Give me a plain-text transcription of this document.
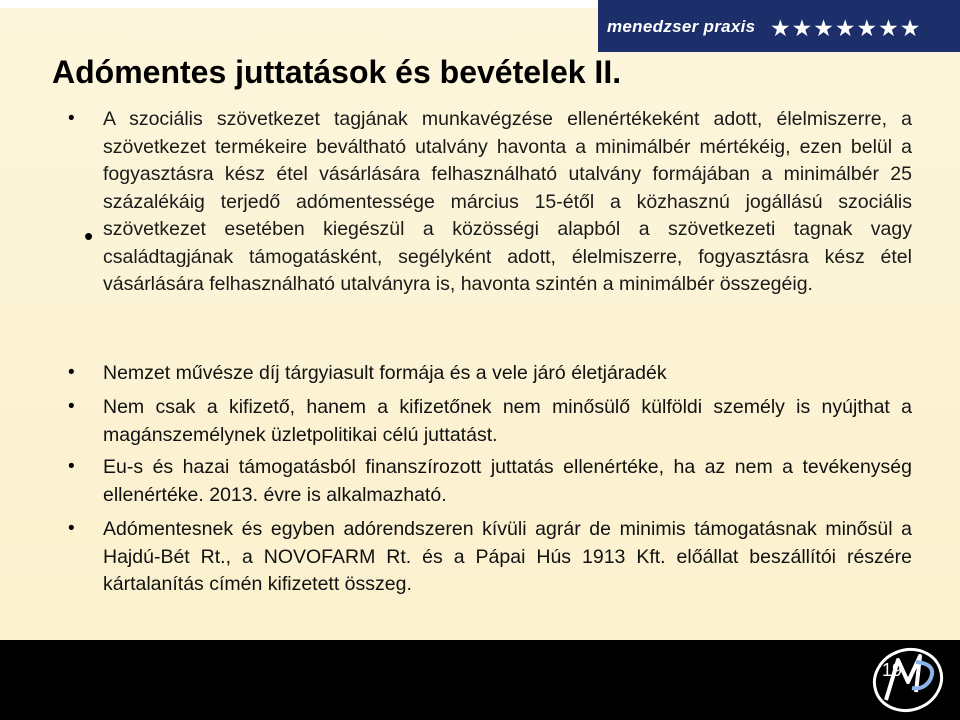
menedzser praxis ★★★★★★★
Adómentes juttatások és bevételek II.
• A szociális szövetkezet tagjának munkavégzése ellenértékeként adott, élelmiszerre, a szövetkezet termékeire beváltható utalvány havonta a minimálbér mértékéig, ezen belül a fogyasztásra kész étel vásárlására felhasználható utalvány formájában a minimálbér 25 százalékáig terjedő adómentessége március 15-étől a közhasznú jogállású szociális szövetkezet esetében kiegészül a közösségi alapból a szövetkezeti tagnak vagy családtagjának támogatásként, segélyként adott, élelmiszerre, fogyasztásra kész étel vásárlására felhasználható utalványra is, havonta szintén a minimálbér összegéig.

•
• Nemzet művésze díj tárgyiasult formája és a vele járó életjáradék

• Nem csak a kifizető, hanem a kifizetőnek nem minősülő külföldi személy is nyújthat a magánszemélynek üzletpolitikai célú juttatást.

• Eu-s és hazai támogatásból finanszírozott juttatás ellenértéke, ha az nem a tevékenység ellenértéke. 2013. évre is alkalmazható.

• Adómentesnek és egyben adórendszeren kívüli agrár de minimis támogatásnak minősül a Hajdú-Bét Rt., a NOVOFARM Rt. és a Pápai Hús 1913 Kft. előállat beszállítói részére kártalanítás címén kifizetett összeg.

19
